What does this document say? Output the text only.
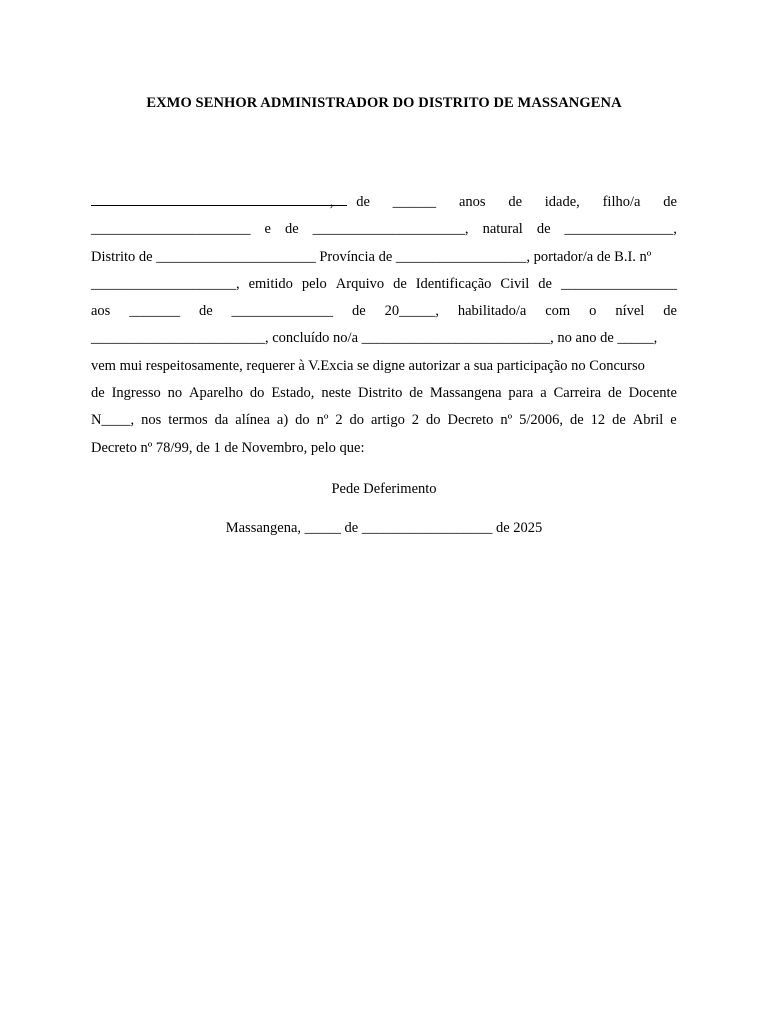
EXMO SENHOR ADMINISTRADOR DO DISTRITO DE MASSANGENA
, de ______ anos de idade, filho/a de
______________________ e de _____________________, natural de _______________,
Distrito de ______________________ Província de __________________, portador/a de B.I. nº
____________________, emitido pelo Arquivo de Identificação Civil de ________________
aos _______ de ______________ de 20_____, habilitado/a com o nível de
________________________, concluído no/a __________________________, no ano de _____,
vem mui respeitosamente, requerer à V.Excia se digne autorizar a sua participação no Concurso
de Ingresso no Aparelho do Estado, neste Distrito de Massangena para a Carreira de Docente
N____, nos termos da alínea a) do nº 2 do artigo 2 do Decreto nº 5/2006, de 12 de Abril e
Decreto nº 78/99, de 1 de Novembro, pelo que:
Pede Deferimento
Massangena, _____ de __________________ de 2025
